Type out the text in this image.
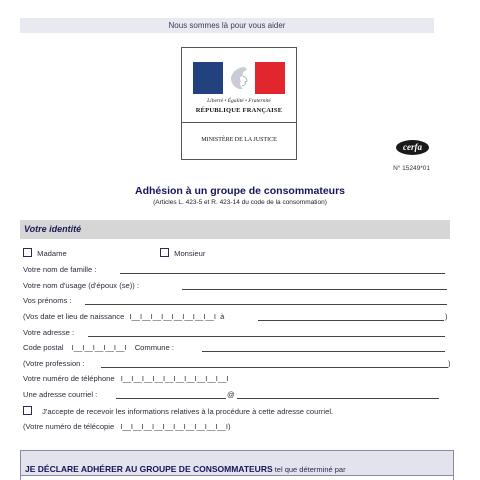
Nous sommes là pour vous aider
Liberté • Égalité • Fraternité
RÉPUBLIQUE FRANÇAISE
MINISTÈRE DE LA JUSTICE
cerfa
N° 15249*01
Adhésion à un groupe de consommateurs
(Articles L. 423-5 et R. 423-14 du code de la consommation)
Votre identité
Madame	Monsieur
Votre nom de famille :
Votre nom d'usage (d'époux (se)) :
Vos prénoms :
(Vos date et lieu de naissance I__I__I__I__I__I__I__I__I à	)
Votre adresse :
Code postal I__I__I__I__I__I Commune :
(Votre profession :	)
Votre numéro de téléphone I__I__I__I__I__I__I__I__I__I__I
Une adresse courriel :	@
J'accepte de recevoir les informations relatives à la procédure à cette adresse courriel.
(Votre numéro de télécopie I__I__I__I__I__I__I__I__I__I__I)
JE DÉCLARE ADHÉRER AU GROUPE DE CONSOMMATEURS tel que déterminé par
